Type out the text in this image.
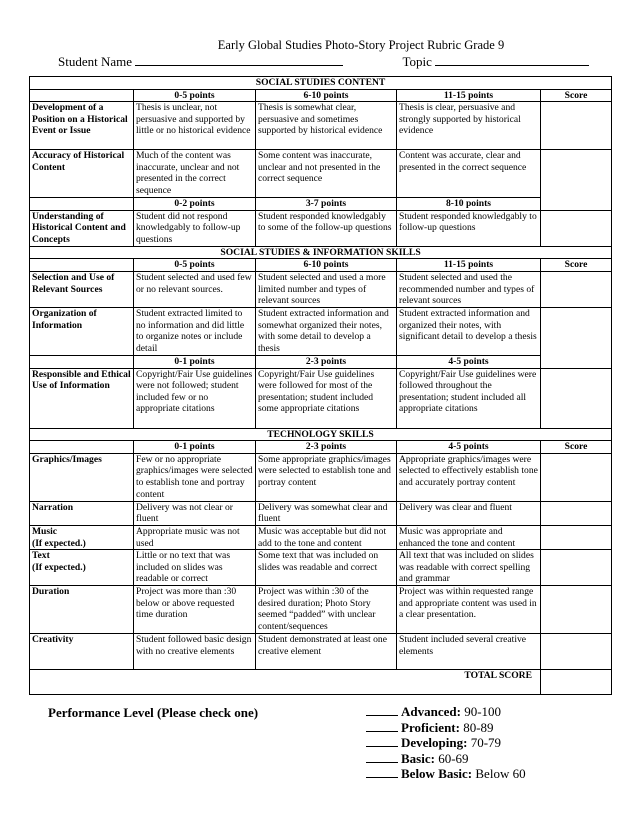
Early Global Studies Photo-Story Project Rubric Grade 9
Student Name	Topic
SOCIAL STUDIES CONTENT				
	0-5 points	6-10 points	11-15 points	Score
Development of a Position on a Historical Event or Issue	Thesis is unclear, not persuasive and supported by little or no historical evidence	Thesis is somewhat clear, persuasive and sometimes supported by historical evidence	Thesis is clear, persuasive and strongly supported by historical evidence	
Accuracy of Historical Content	Much of the content was inaccurate, unclear and not presented in the correct sequence	Some content was inaccurate, unclear and not presented in the correct sequence	Content was accurate, clear and presented in the correct sequence	
	0-2 points	3-7 points	8-10 points	
Understanding of Historical Content and Concepts	Student did not respond knowledgably to follow-up questions	Student responded knowledgably to some of the follow-up questions	Student responded knowledgably to follow-up questions	
SOCIAL STUDIES & INFORMATION SKILLS				
	0-5 points	6-10 points	11-15 points	Score
Selection and Use of Relevant Sources	Student selected and used few or no relevant sources.	Student selected and used a more limited number and types of relevant sources	Student selected and used the recommended number and types of relevant sources	
Organization of Information	Student extracted limited to no information and did little to organize notes or include detail	Student extracted information and somewhat organized their notes, with some detail to develop a thesis	Student extracted information and organized their notes, with significant detail to develop a thesis	
	0-1 points	2-3 points	4-5 points	
Responsible and Ethical Use of Information	Copyright/Fair Use guidelines were not followed; student included few or no appropriate citations	Copyright/Fair Use guidelines were followed for most of the presentation; student included some appropriate citations	Copyright/Fair Use guidelines were followed throughout the presentation; student included all appropriate citations	
TECHNOLOGY SKILLS				
	0-1 points	2-3 points	4-5 points	Score
Graphics/Images	Few or no appropriate graphics/images were selected to establish tone and portray content	Some appropriate graphics/images were selected to establish tone and portray content	Appropriate graphics/images were selected to effectively establish tone and accurately portray content	
Narration	Delivery was not clear or fluent	Delivery was somewhat clear and fluent	Delivery was clear and fluent	
Music
(If expected.)	Appropriate music was not used	Music was acceptable but did not add to the tone and content	Music was appropriate and enhanced the tone and content	
Text
(If expected.)	Little or no text that was included on slides was readable or correct	Some text that was included on slides was readable and correct	All text that was included on slides was readable with correct spelling and grammar	
Duration	Project was more than :30 below or above requested time duration	Project was within :30 of the desired duration; Photo Story seemed “padded” with unclear content/sequences	Project was within requested range and appropriate content was used in a clear presentation.	
Creativity	Student followed basic design with no creative elements	Student demonstrated at least one creative element	Student included several creative elements	
TOTAL SCORE				
Performance Level (Please check one)	Advanced: 90-100
Proficient: 80-89
Developing: 70-79
Basic: 60-69
Below Basic: Below 60
